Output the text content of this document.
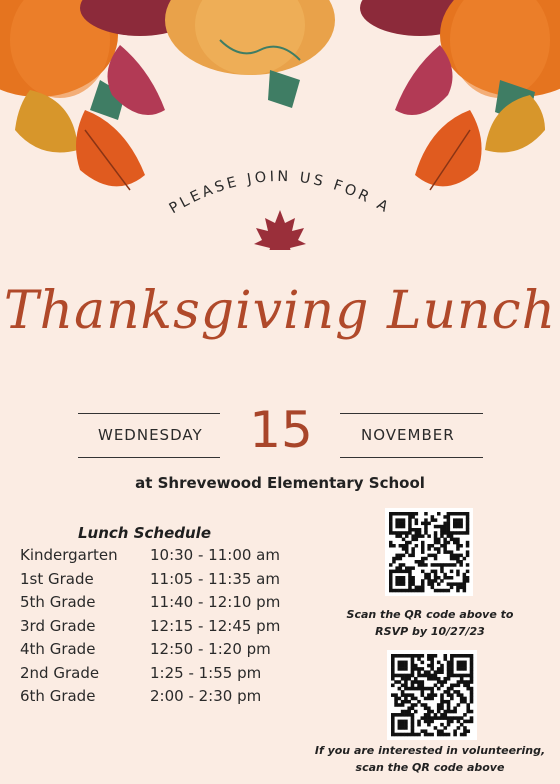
PLEASE JOIN US FOR A
Thanksgiving Lunch
WEDNESDAY 15	NOVEMBER
at Shrevewood Elementary School
Lunch Schedule
Kindergarten 10:30 - 11:00 am
1st Grade	11:05 - 11:35 am
5th Grade	11:40 - 12:10 pm
3rd Grade	12:15 - 12:45 pm
4th Grade	12:50 - 1:20 pm
2nd Grade	1:25 - 1:55 pm
6th Grade	2:00 - 2:30 pm
Scan the QR code above to
RSVP by 10/27/23
If you are interested in volunteering,
scan the QR code above
